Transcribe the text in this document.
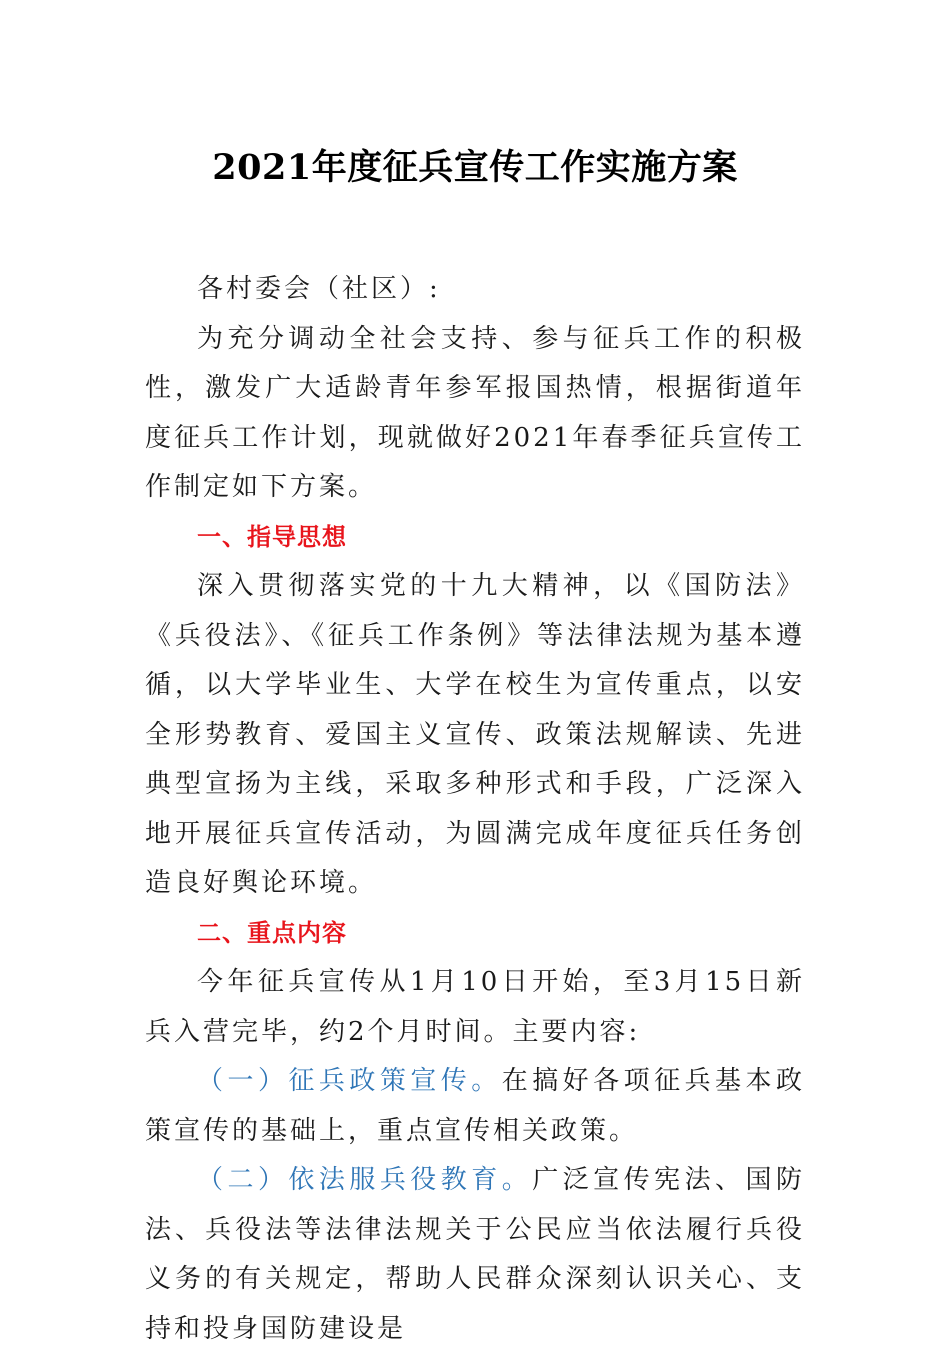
2021年度征兵宣传工作实施方案

各村委会（社区）:

为充分调动全社会支持、参与征兵工作的积极性，激发广大适龄青年参军报国热情，根据街道年度征兵工作计划，现就做好2021年春季征兵宣传工作制定如下方案。

一、指导思想

深入贯彻落实党的十九大精神，以《国防法》《兵役法》、《征兵工作条例》等法律法规为基本遵循，以大学毕业生、大学在校生为宣传重点，以安全形势教育、爱国主义宣传、政策法规解读、先进典型宣扬为主线，采取多种形式和手段，广泛深入地开展征兵宣传活动，为圆满完成年度征兵任务创造良好舆论环境。

二、重点内容

今年征兵宣传从1月10日开始，至3月15日新兵入营完毕，约2个月时间。主要内容:

（一）征兵政策宣传。在搞好各项征兵基本政策宣传的基础上，重点宣传相关政策。

（二）依法服兵役教育。广泛宣传宪法、国防法、兵役法等法律法规关于公民应当依法履行兵役义务的有关规定，帮助人民群众深刻认识关心、支持和投身国防建设是
